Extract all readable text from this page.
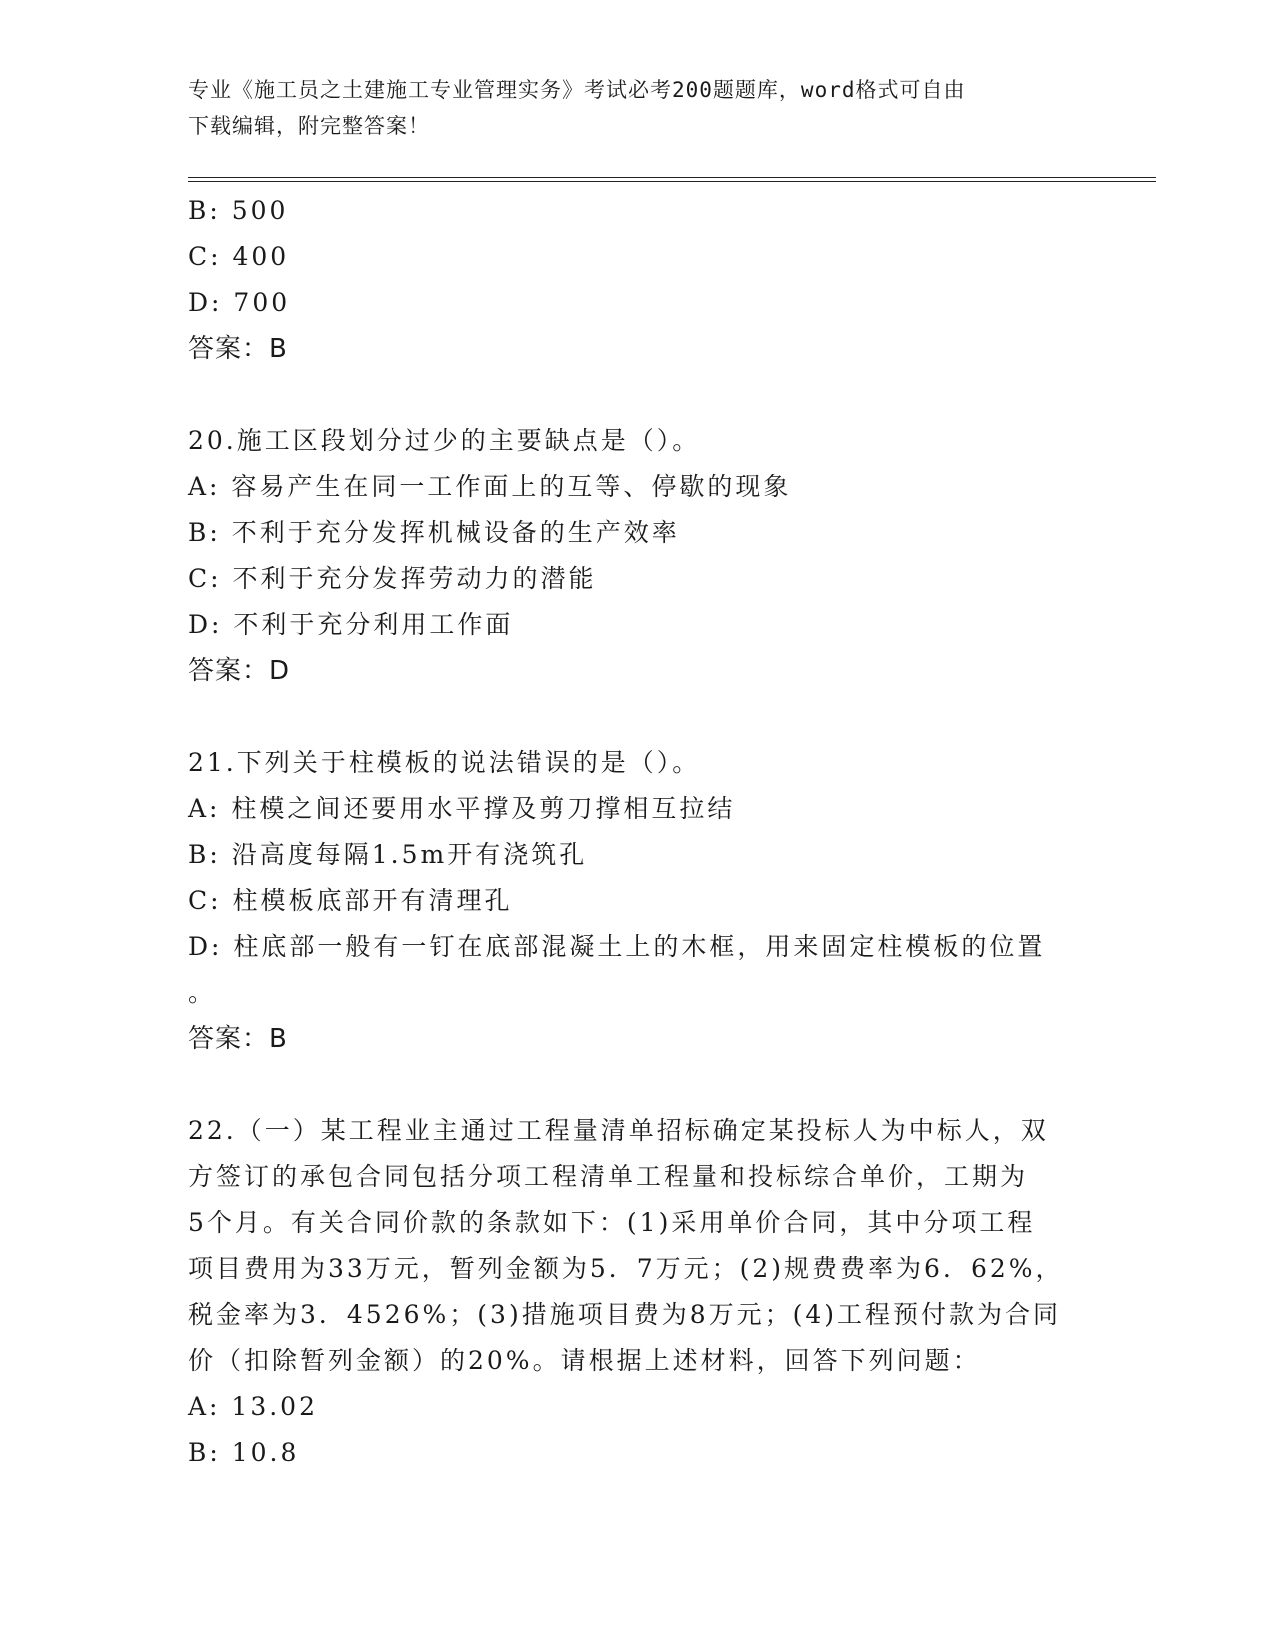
专业《施工员之土建施工专业管理实务》考试必考200题题库，word格式可自由
下载编辑，附完整答案！
B: 500
C: 400
D: 700
答案：B
20.施工区段划分过少的主要缺点是（）。
A: 容易产生在同一工作面上的互等、停歇的现象
B: 不利于充分发挥机械设备的生产效率
C: 不利于充分发挥劳动力的潜能
D: 不利于充分利用工作面
答案：D
21.下列关于柱模板的说法错误的是（）。
A: 柱模之间还要用水平撑及剪刀撑相互拉结
B: 沿高度每隔1.5m开有浇筑孔
C: 柱模板底部开有清理孔
D: 柱底部一般有一钉在底部混凝土上的木框，用来固定柱模板的位置
。
答案：B
22.（一）某工程业主通过工程量清单招标确定某投标人为中标人，双
方签订的承包合同包括分项工程清单工程量和投标综合单价，工期为
5个月。有关合同价款的条款如下：(1)采用单价合同，其中分项工程
项目费用为33万元，暂列金额为5．7万元；(2)规费费率为6．62%，
税金率为3．4526%；(3)措施项目费为8万元；(4)工程预付款为合同
价（扣除暂列金额）的20%。请根据上述材料，回答下列问题：
A: 13.02
B: 10.8
